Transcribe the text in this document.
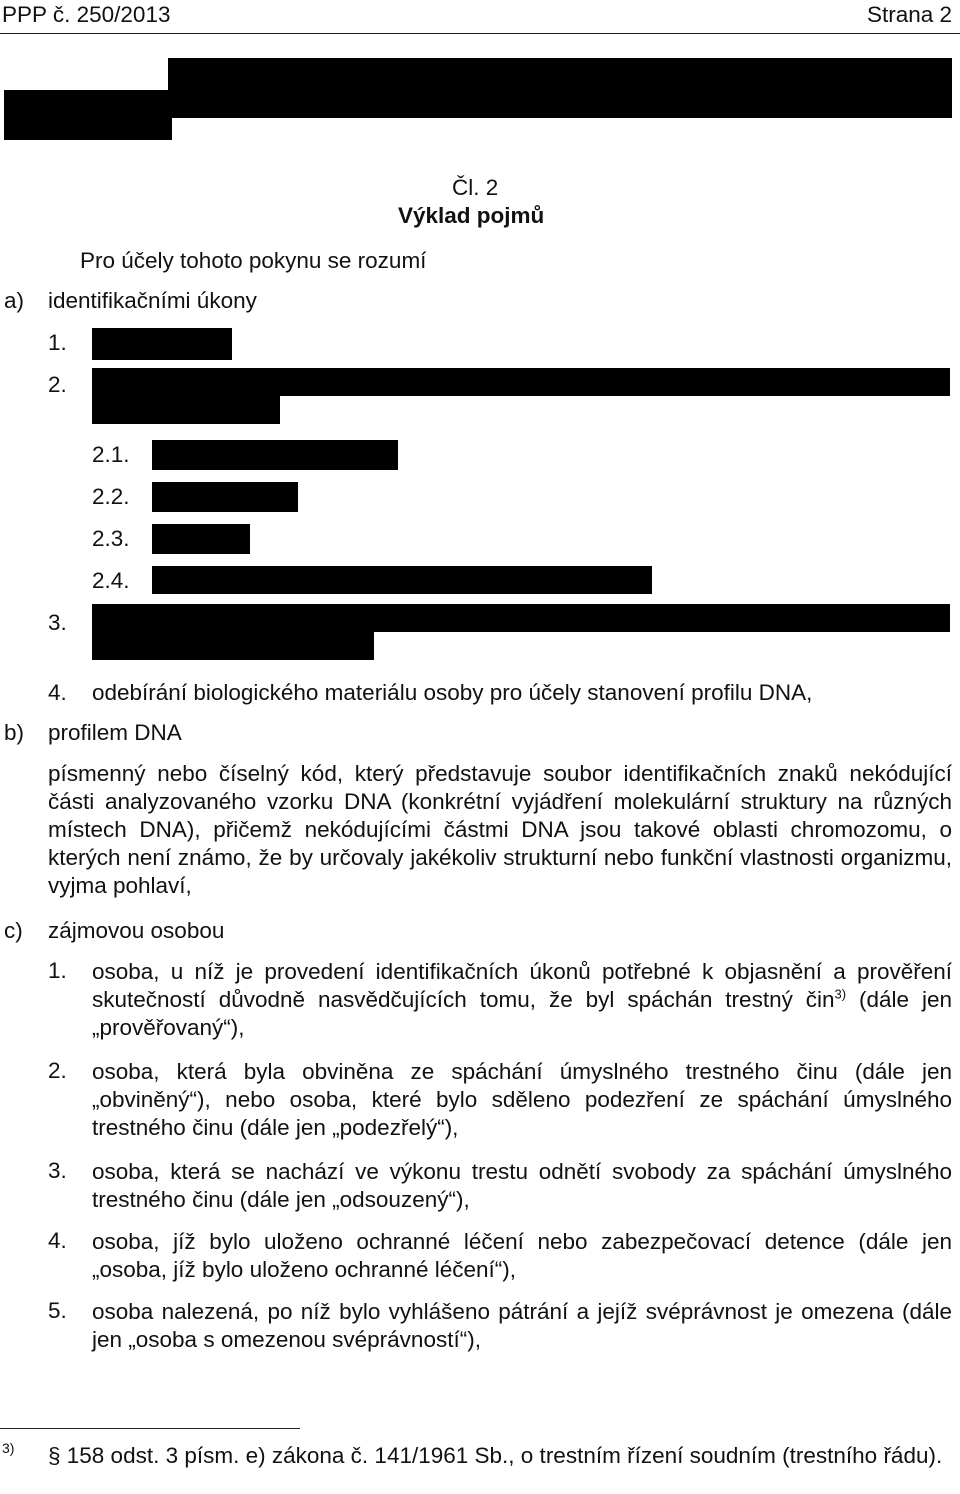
PPP č. 250/2013	Strana 2
Čl. 2
Výklad pojmů
Pro účely tohoto pokynu se rozumí
a) identifikačními úkony
1.
2.
2.1.
2.2.
2.3.
2.4.
3.
4. odebírání biologického materiálu osoby pro účely stanovení profilu DNA,
b) profilem DNA
písmenný nebo číselný kód, který představuje soubor identifikačních znaků nekódující části analyzovaného vzorku DNA (konkrétní vyjádření molekulární struktury na různých místech DNA), přičemž nekódujícími částmi DNA jsou takové oblasti chromozomu, o kterých není známo, že by určovaly jakékoliv strukturní nebo funkční vlastnosti organizmu, vyjma pohlaví,
c) zájmovou osobou
1. osoba, u níž je provedení identifikačních úkonů potřebné k objasnění a prověření skutečností důvodně nasvědčujících tomu, že byl spáchán trestný čin$^{3)}$ (dále jen „prověřovaný“),
2. osoba, která byla obviněna ze spáchání úmyslného trestného činu (dále jen „obviněný“), nebo osoba, které bylo sděleno podezření ze spáchání úmyslného trestného činu (dále jen „podezřelý“),
3. osoba, která se nachází ve výkonu trestu odnětí svobody za spáchání úmyslného trestného činu (dále jen „odsouzený“),
4. osoba, jíž bylo uloženo ochranné léčení nebo zabezpečovací detence (dále jen „osoba, jíž bylo uloženo ochranné léčení“),
5. osoba nalezená, po níž bylo vyhlášeno pátrání a jejíž svéprávnost je omezena (dále jen „osoba s omezenou svéprávností“),
3) § 158 odst. 3 písm. e) zákona č. 141/1961 Sb., o trestním řízení soudním (trestního řádu).
